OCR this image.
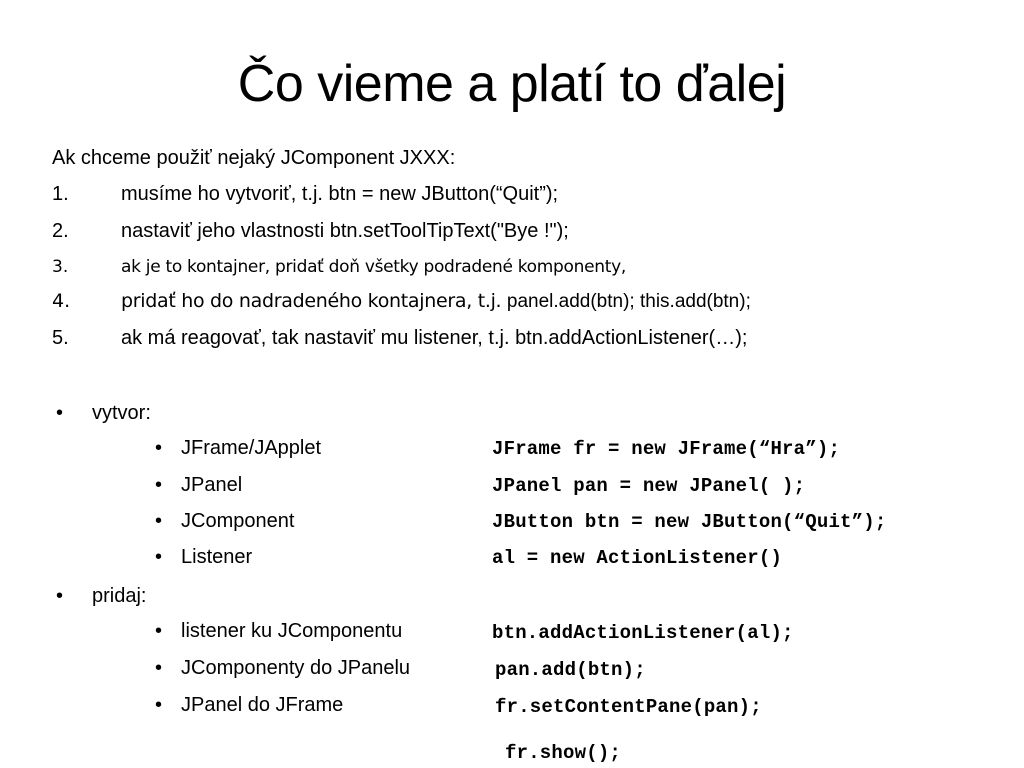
Čo vieme a platí to ďalej
Ak chceme použiť nejaký JComponent JXXX:
1.	musíme ho vytvoriť, t.j. btn = new JButton(“Quit”);
2.	nastaviť jeho vlastnosti btn.setToolTipText("Bye !");
3.	ak je to kontajner, pridať doň všetky podradené komponenty,
4.	pridať ho do nadradeného kontajnera, t.j. panel.add(btn); this.add(btn);
5.	ak má reagovať, tak nastaviť mu listener, t.j. btn.addActionListener(…);
• vytvor:
• JFrame/JApplet	JFrame fr = new JFrame(“Hra”);
• JPanel	JPanel pan = new JPanel( );
• JComponent	JButton btn = new JButton(“Quit”);
• Listener	al = new ActionListener()
• pridaj:
• listener ku JComponentu	btn.addActionListener(al);
• JComponenty do JPanelu	pan.add(btn);
• JPanel do JFrame	fr.setContentPane(pan);
fr.show();
